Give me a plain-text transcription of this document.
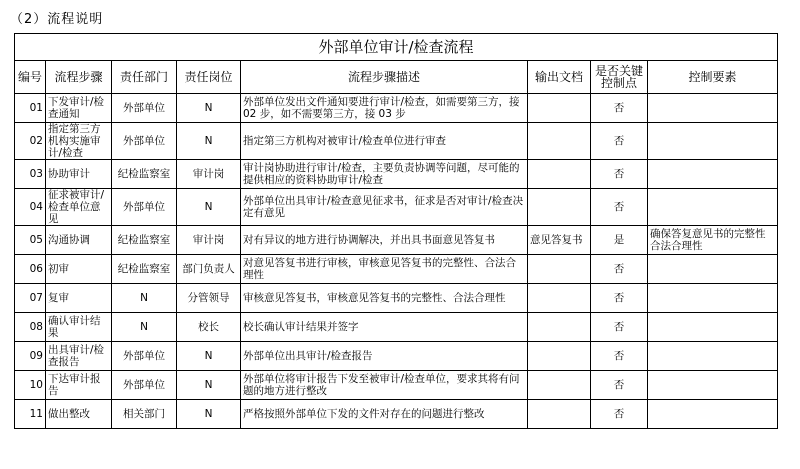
（2）流程说明
外部单位审计/检查流程							
编号	流程步骤	责任部门	责任岗位	流程步骤描述	输出文档	是否关键控制点	控制要素
01	下发审计/检查通知	外部单位	N	外部单位发出文件通知要进行审计/检查，如需要第三方，接 02 步，如不需要第三方，接 03 步		否	
02	指定第三方机构实施审计/检查	外部单位	N	指定第三方机构对被审计/检查单位进行审查		否	
03	协助审计	纪检监察室	审计岗	审计岗协助进行审计/检查，主要负责协调等问题，尽可能的提供相应的资料协助审计/检查		否	
04	征求被审计/检查单位意见	外部单位	N	外部单位出具审计/检查意见征求书，征求是否对审计/检查决定有意见		否	
05	沟通协调	纪检监察室	审计岗	对有异议的地方进行协调解决，并出具书面意见答复书	意见答复书	是	确保答复意见书的完整性合法合理性
06	初审	纪检监察室	部门负责人	对意见答复书进行审核，审核意见答复书的完整性、合法合理性		否	
07	复审	N	分管领导	审核意见答复书，审核意见答复书的完整性、合法合理性		否	
08	确认审计结果	N	校长	校长确认审计结果并签字		否	
09	出具审计/检查报告	外部单位	N	外部单位出具审计/检查报告		否	
10	下达审计报告	外部单位	N	外部单位将审计报告下发至被审计/检查单位，要求其将有问题的地方进行整改		否	
11	做出整改	相关部门	N	严格按照外部单位下发的文件对存在的问题进行整改		否	
